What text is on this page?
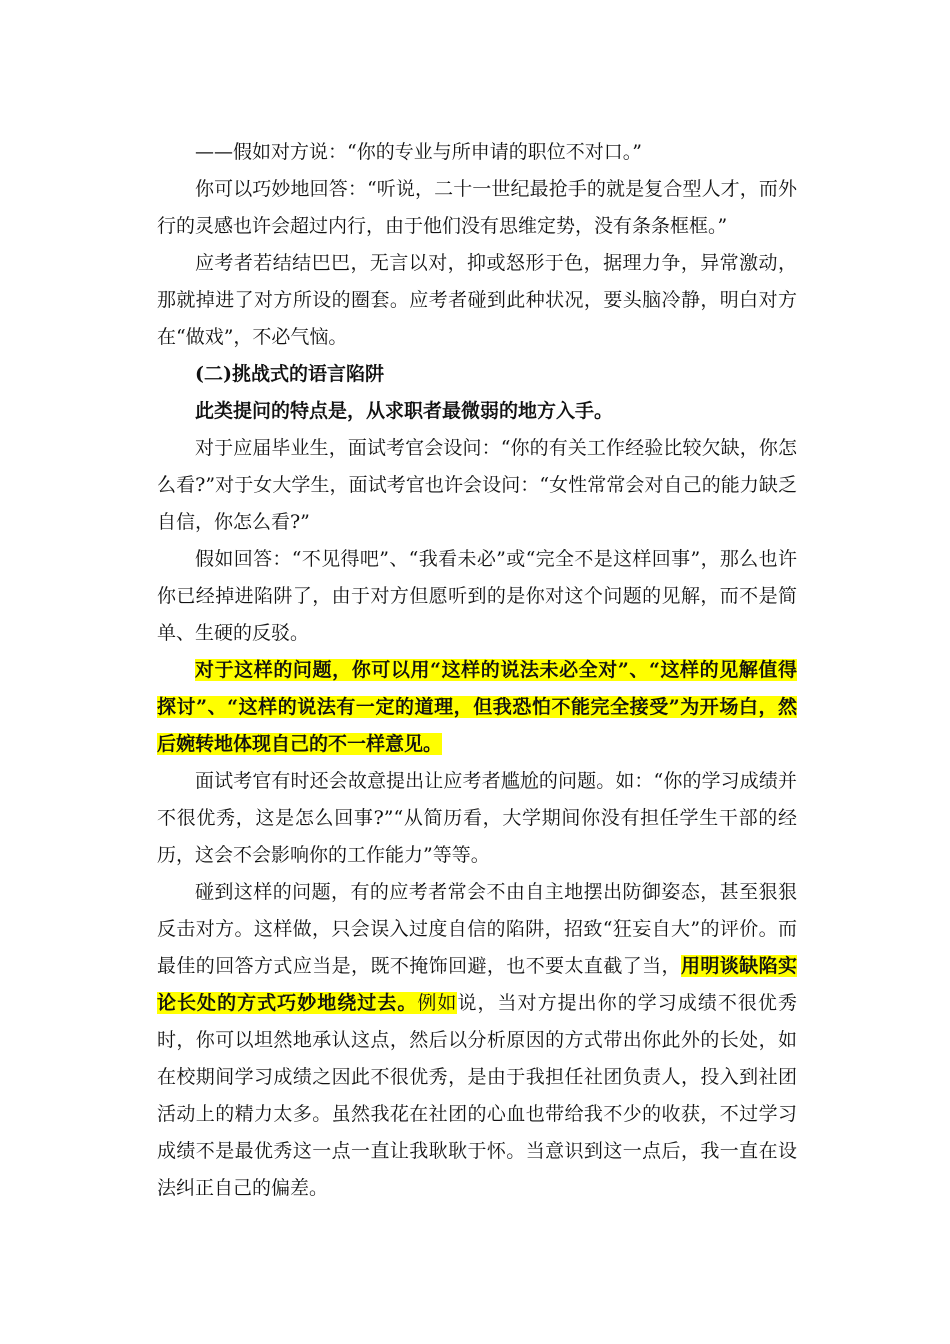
——假如对方说：“你的专业与所申请的职位不对口。”

你可以巧妙地回答：“听说，二十一世纪最抢手的就是复合型人才，而外行的灵感也许会超过内行，由于他们没有思维定势，没有条条框框。”

应考者若结结巴巴，无言以对，抑或怒形于色，据理力争，异常激动，那就掉进了对方所设的圈套。应考者碰到此种状况，要头脑冷静，明白对方在“做戏”，不必气恼。

(二)挑战式的语言陷阱

此类提问的特点是，从求职者最微弱的地方入手。

对于应届毕业生，面试考官会设问：“你的有关工作经验比较欠缺，你怎么看?”对于女大学生，面试考官也许会设问：“女性常常会对自己的能力缺乏自信，你怎么看?”

假如回答：“不见得吧”、“我看未必”或“完全不是这样回事”，那么也许你已经掉进陷阱了，由于对方但愿听到的是你对这个问题的见解，而不是简单、生硬的反驳。

对于这样的问题，你可以用“这样的说法未必全对”、“这样的见解值得探讨”、“这样的说法有一定的道理，但我恐怕不能完全接受”为开场白，然后婉转地体现自己的不一样意见。

面试考官有时还会故意提出让应考者尴尬的问题。如：“你的学习成绩并不很优秀，这是怎么回事?”“从简历看，大学期间你没有担任学生干部的经历，这会不会影响你的工作能力”等等。

碰到这样的问题，有的应考者常会不由自主地摆出防御姿态，甚至狠狠反击对方。这样做，只会误入过度自信的陷阱，招致“狂妄自大”的评价。而最佳的回答方式应当是，既不掩饰回避，也不要太直截了当，用明谈缺陷实论长处的方式巧妙地绕过去。例如说，当对方提出你的学习成绩不很优秀时，你可以坦然地承认这点，然后以分析原因的方式带出你此外的长处，如在校期间学习成绩之因此不很优秀，是由于我担任社团负责人，投入到社团活动上的精力太多。虽然我花在社团的心血也带给我不少的收获，不过学习成绩不是最优秀这一点一直让我耿耿于怀。当意识到这一点后，我一直在设法纠正自己的偏差。
